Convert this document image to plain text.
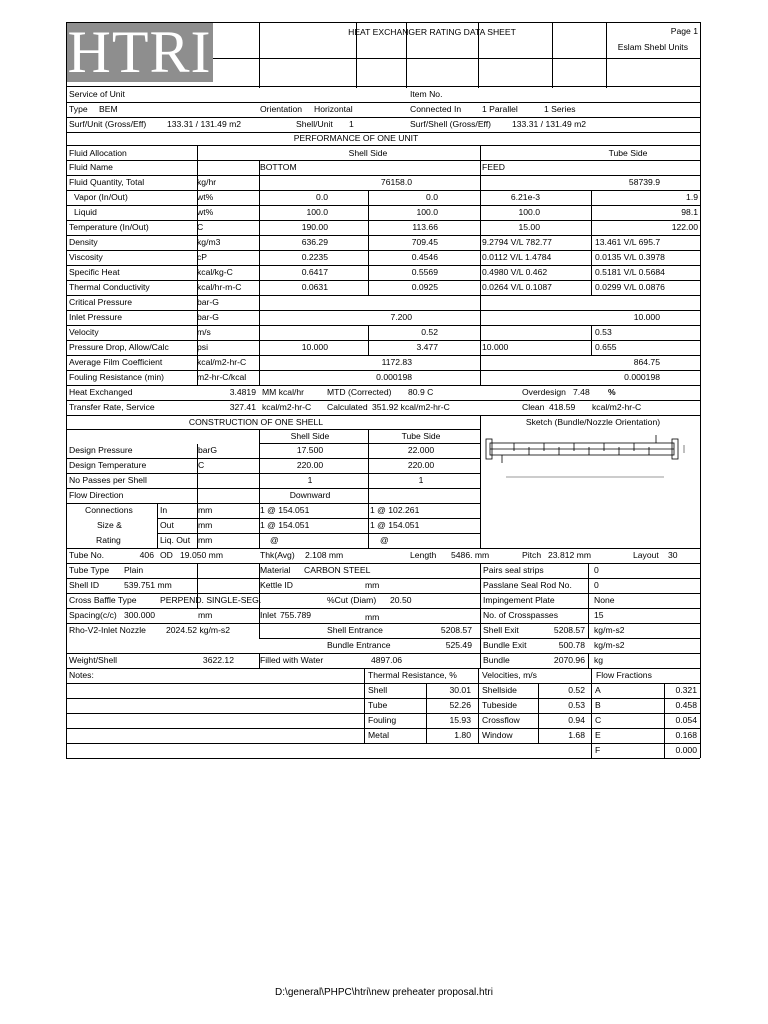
HTRI	HEAT EXCHANGER RATING DATA SHEET	Page 1
Eslam Shebl Units
Service of Unit	Item No.
Type BEM	Orientation Horizontal	Connected In 1 Parallel	1 Series
Surf/Unit (Gross/Eff) 133.31 / 131.49 m2	Shell/Unit 1	Surf/Shell (Gross/Eff) 133.31 / 131.49 m2
PERFORMANCE OF ONE UNIT
Fluid Allocation	Shell Side	Tube Side
Fluid Name	BOTTOM	FEED
Fluid Quantity, Total	kg/hr	76158.0	58739.9
Vapor (In/Out)	wt%	0.0	0.0	6.21e-3	1.9
Liquid	wt%	100.0	100.0	100.0	98.1
Temperature (In/Out)	C	190.00	113.66	15.00	122.00
Density	kg/m3	636.29	709.45	9.2794 V/L 782.77	13.461 V/L 695.7
Viscosity	cP	0.2235	0.4546	0.0112 V/L 1.4784	0.0135 V/L 0.3978
Specific Heat	kcal/kg-C	0.6417	0.5569	0.4980 V/L 0.462	0.5181 V/L 0.5684
Thermal Conductivity	kcal/hr-m-C	0.0631	0.0925	0.0264 V/L 0.1087	0.0299 V/L 0.0876
Critical Pressure	bar-G
Inlet Pressure	bar-G	7.200	10.000
Velocity	m/s	0.52	0.53
Pressure Drop, Allow/Calc	psi	10.000	3.477	10.000	0.655
Average Film Coefficient	kcal/m2-hr-C	1172.83	864.75
Fouling Resistance (min)	m2-hr-C/kcal	0.000198	0.000198
Heat Exchanged	3.4819 MM kcal/hr	MTD (Corrected) 80.9 C	Overdesign 7.48 %
Transfer Rate, Service	327.41 kcal/m2-hr-C Calculated 351.92 kcal/m2-hr-C	Clean 418.59 kcal/m2-hr-C
CONSTRUCTION OF ONE SHELL	Sketch (Bundle/Nozzle Orientation)
Shell Side	Tube Side
Design Pressure	barG	17.500	22.000
Design Temperature	C	220.00	220.00
No Passes per Shell	1	1
Flow Direction	Downward
Connections	In	mm	1 @ 154.051	1 @ 102.261
Size &	Out	mm	1 @ 154.051	1 @ 154.051
Rating	Liq. Out mm	@	@
Tube No.	406 OD 19.050 mm	Thk(Avg) 2.108 mm	Length 5486. mm	Pitch 23.812 mm	Layout 30
Tube Type Plain	Material CARBON STEEL	Pairs seal strips	0
Shell ID	539.751 mm	Kettle ID	mm	Passlane Seal Rod No.	0
Cross Baffle Type	PERPEND. SINGLE-SEG.	%Cut (Diam) 20.50	Impingement Plate	None
Spacing(c/c) 300.000	mm	Inlet 755.789	mm	No. of Crosspasses	15
Rho-V2-Inlet Nozzle 2024.52 kg/m-s2	Shell Entrance	5208.57 Shell Exit	5208.57 kg/m-s2
Bundle Entrance	525.49 Bundle Exit	500.78 kg/m-s2
Weight/Shell	3622.12	Filled with Water	4897.06	Bundle	2070.96 kg
Notes:	Thermal Resistance, %	Velocities, m/s	Flow Fractions
Shell	30.01 Shellside	0.52 A	0.321
Tube	52.26 Tubeside	0.53 B	0.458
Fouling	15.93 Crossflow	0.94 C	0.054
Metal	1.80 Window	1.68 E	0.168
F	0.000
D:\general\PHPC\htri\new preheater proposal.htri
